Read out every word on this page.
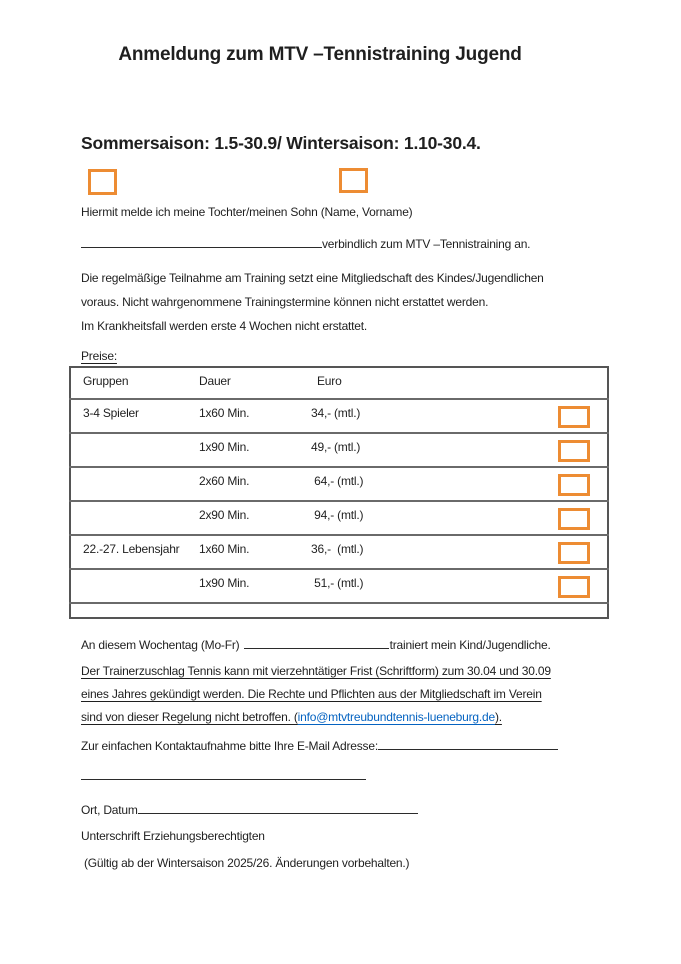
Anmeldung zum MTV –Tennistraining Jugend
Sommersaison: 1.5-30.9/ Wintersaison: 1.10-30.4.
Hiermit melde ich meine Tochter/meinen Sohn (Name, Vorname)
verbindlich zum MTV –Tennistraining an.
Die regelmäßige Teilnahme am Training setzt eine Mitgliedschaft des Kindes/Jugendlichen
voraus. Nicht wahrgenommene Trainingstermine können nicht erstattet werden.
Im Krankheitsfall werden erste 4 Wochen nicht erstattet.
Preise:
Gruppen	Dauer	Euro	
3-4 Spieler	1x60 Min.	34,- (mtl.)	

	1x90 Min.	49,- (mtl.)	

	2x60 Min.	64,- (mtl.)	

	2x90 Min.	94,- (mtl.)	

22.-27. Lebensjahr	1x60 Min.	36,-  (mtl.)	

	1x90 Min.	51,- (mtl.)	

An diesem Wochentag (Mo-Fr)	trainiert mein Kind/Jugendliche.
Der Trainerzuschlag Tennis kann mit vierzehntätiger Frist (Schriftform) zum 30.04 und 30.09
eines Jahres gekündigt werden. Die Rechte und Pflichten aus der Mitgliedschaft im Verein
sind von dieser Regelung nicht betroffen. (info@mtvtreubundtennis-lueneburg.de).
Zur einfachen Kontaktaufnahme bitte Ihre E-Mail Adresse:
Ort, Datum
Unterschrift Erziehungsberechtigten
(Gültig ab der Wintersaison 2025/26. Änderungen vorbehalten.)
